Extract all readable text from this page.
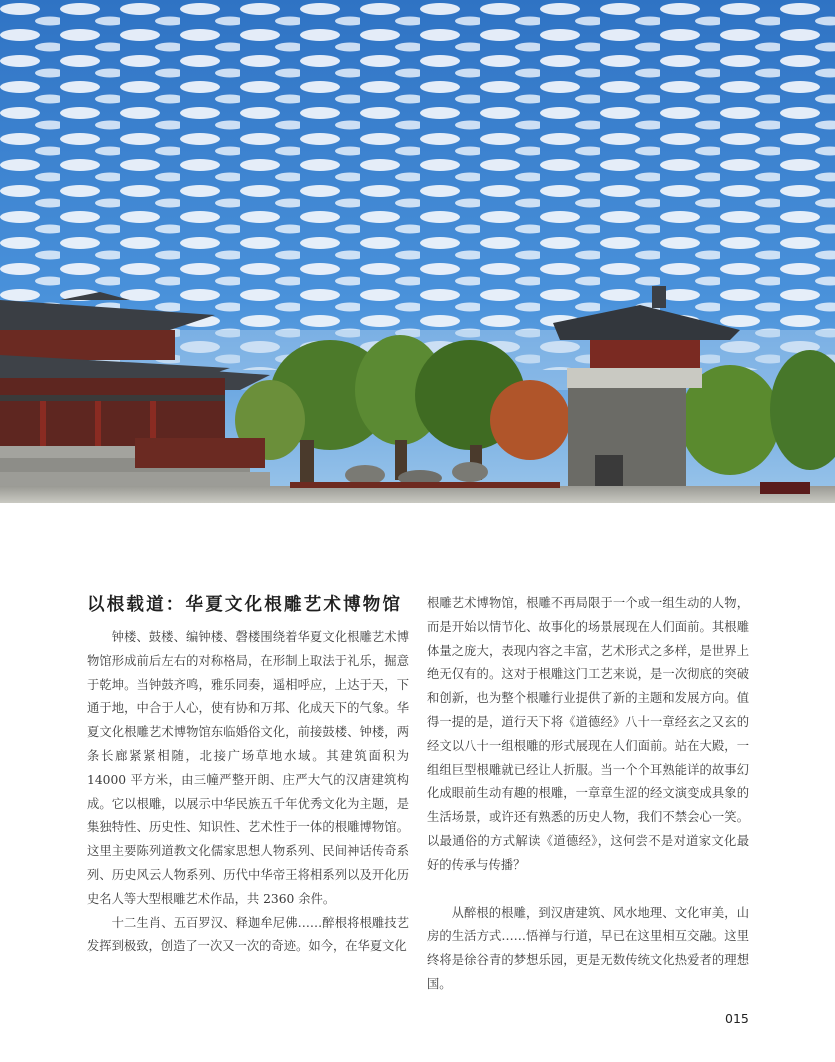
以根载道：华夏文化根雕艺术博物馆

钟楼、鼓楼、编钟楼、磬楼围绕着华夏文化根雕艺术博物馆形成前后左右的对称格局，在形制上取法于礼乐，掘意于乾坤。当钟鼓齐鸣，雅乐同奏，遥相呼应，上达于天，下通于地，中合于人心，使有协和万邦、化成天下的气象。华夏文化根雕艺术博物馆东临婚俗文化，前接鼓楼、钟楼，两条长廊紧紧相随，北接广场草地水域。其建筑面积为 14000 平方米，由三幢严整开朗、庄严大气的汉唐建筑构成。它以根雕，以展示中华民族五千年优秀文化为主题，是集独特性、历史性、知识性、艺术性于一体的根雕博物馆。这里主要陈列道教文化儒家思想人物系列、民间神话传奇系列、历史风云人物系列、历代中华帝王将相系列以及开化历史名人等大型根雕艺术作品，共 2360 余件。

十二生肖、五百罗汉、释迦牟尼佛……醉根将根雕技艺发挥到极致，创造了一次又一次的奇迹。如今，在华夏文化

根雕艺术博物馆，根雕不再局限于一个或一组生动的人物，而是开始以情节化、故事化的场景展现在人们面前。其根雕体量之庞大，表现内容之丰富，艺术形式之多样，是世界上绝无仅有的。这对于根雕这门工艺来说，是一次彻底的突破和创新，也为整个根雕行业提供了新的主题和发展方向。值得一提的是，道行天下将《道德经》八十一章经玄之又玄的经文以八十一组根雕的形式展现在人们面前。站在大殿，一组组巨型根雕就已经让人折服。当一个个耳熟能详的故事幻化成眼前生动有趣的根雕，一章章生涩的经文演变成具象的生活场景，或许还有熟悉的历史人物，我们不禁会心一笑。以最通俗的方式解读《道德经》，这何尝不是对道家文化最好的传承与传播？

从醉根的根雕，到汉唐建筑、风水地理、文化审美，山房的生活方式……悟禅与行道，早已在这里相互交融。这里终将是徐谷青的梦想乐园，更是无数传统文化热爱者的理想国。

015
